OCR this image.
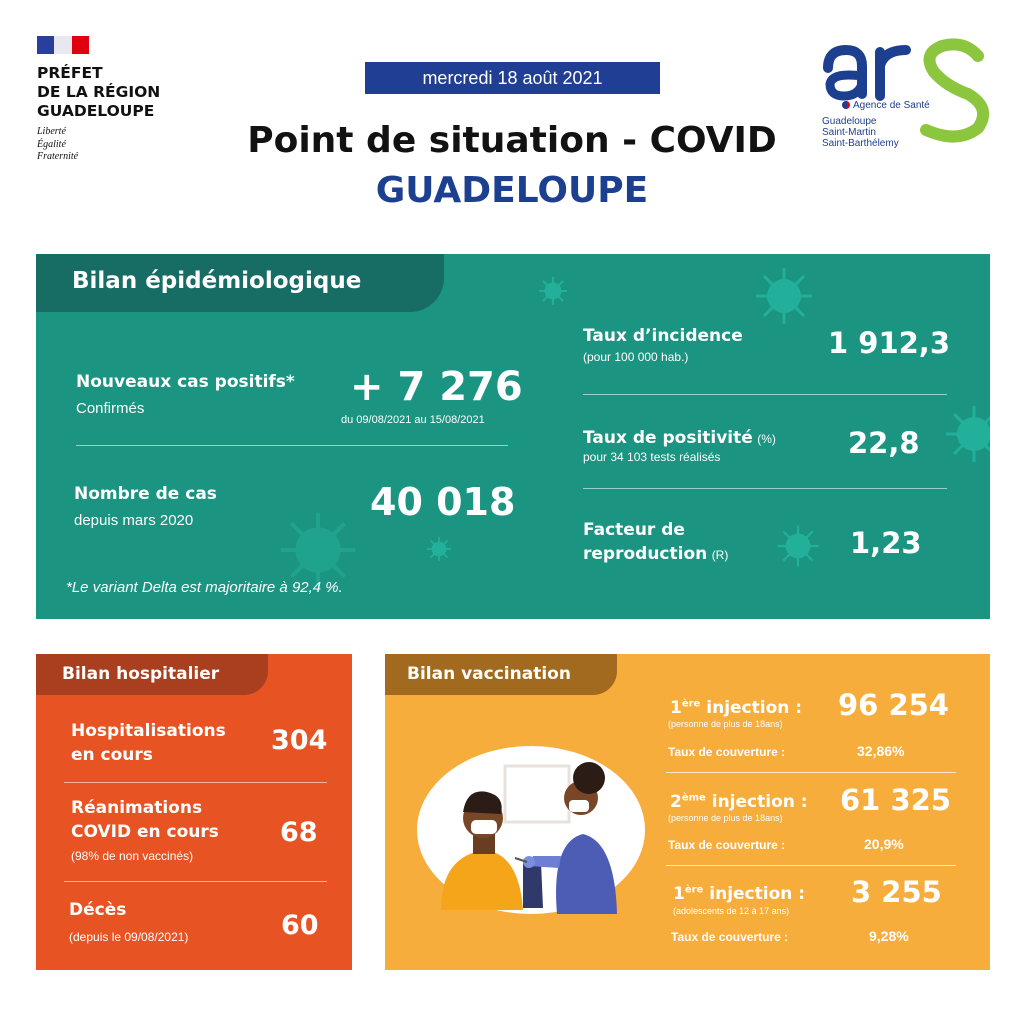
PRÉFET
DE LA RÉGION
GUADELOUPE
Liberté
Égalité
Fraternité
mercredi 18 août 2021
Point de situation - COVID
GUADELOUPE
Agence de Santé
Guadeloupe
Saint-Martin
Saint-Barthélemy
Bilan épidémiologique
Nouveaux cas positifs*
Confirmés	+ 7 276
du 09/08/2021 au 15/08/2021
Nombre de cas
depuis mars 2020	40 018
*Le variant Delta est majoritaire à 92,4 %.
Taux d’incidence
(pour 100 000 hab.)	1 912,3
Taux de positivité (%)
pour 34 103 tests réalisés	22,8
Facteur de
reproduction (R)	1,23
Bilan hospitalier
Hospitalisations
en cours	304
Réanimations
COVID en cours
(98% de non vaccinés)
68
Décès
(depuis le 09/08/2021)	60
Bilan vaccination
1ère injection :
(personne de plus de 18ans)
96 254
Taux de couverture :	32,86%
2ème injection :
(personne de plus de 18ans)
61 325
Taux de couverture :	20,9%
1ère injection :
(adolescents de 12 à 17 ans)
3 255
Taux de couverture :	9,28%
